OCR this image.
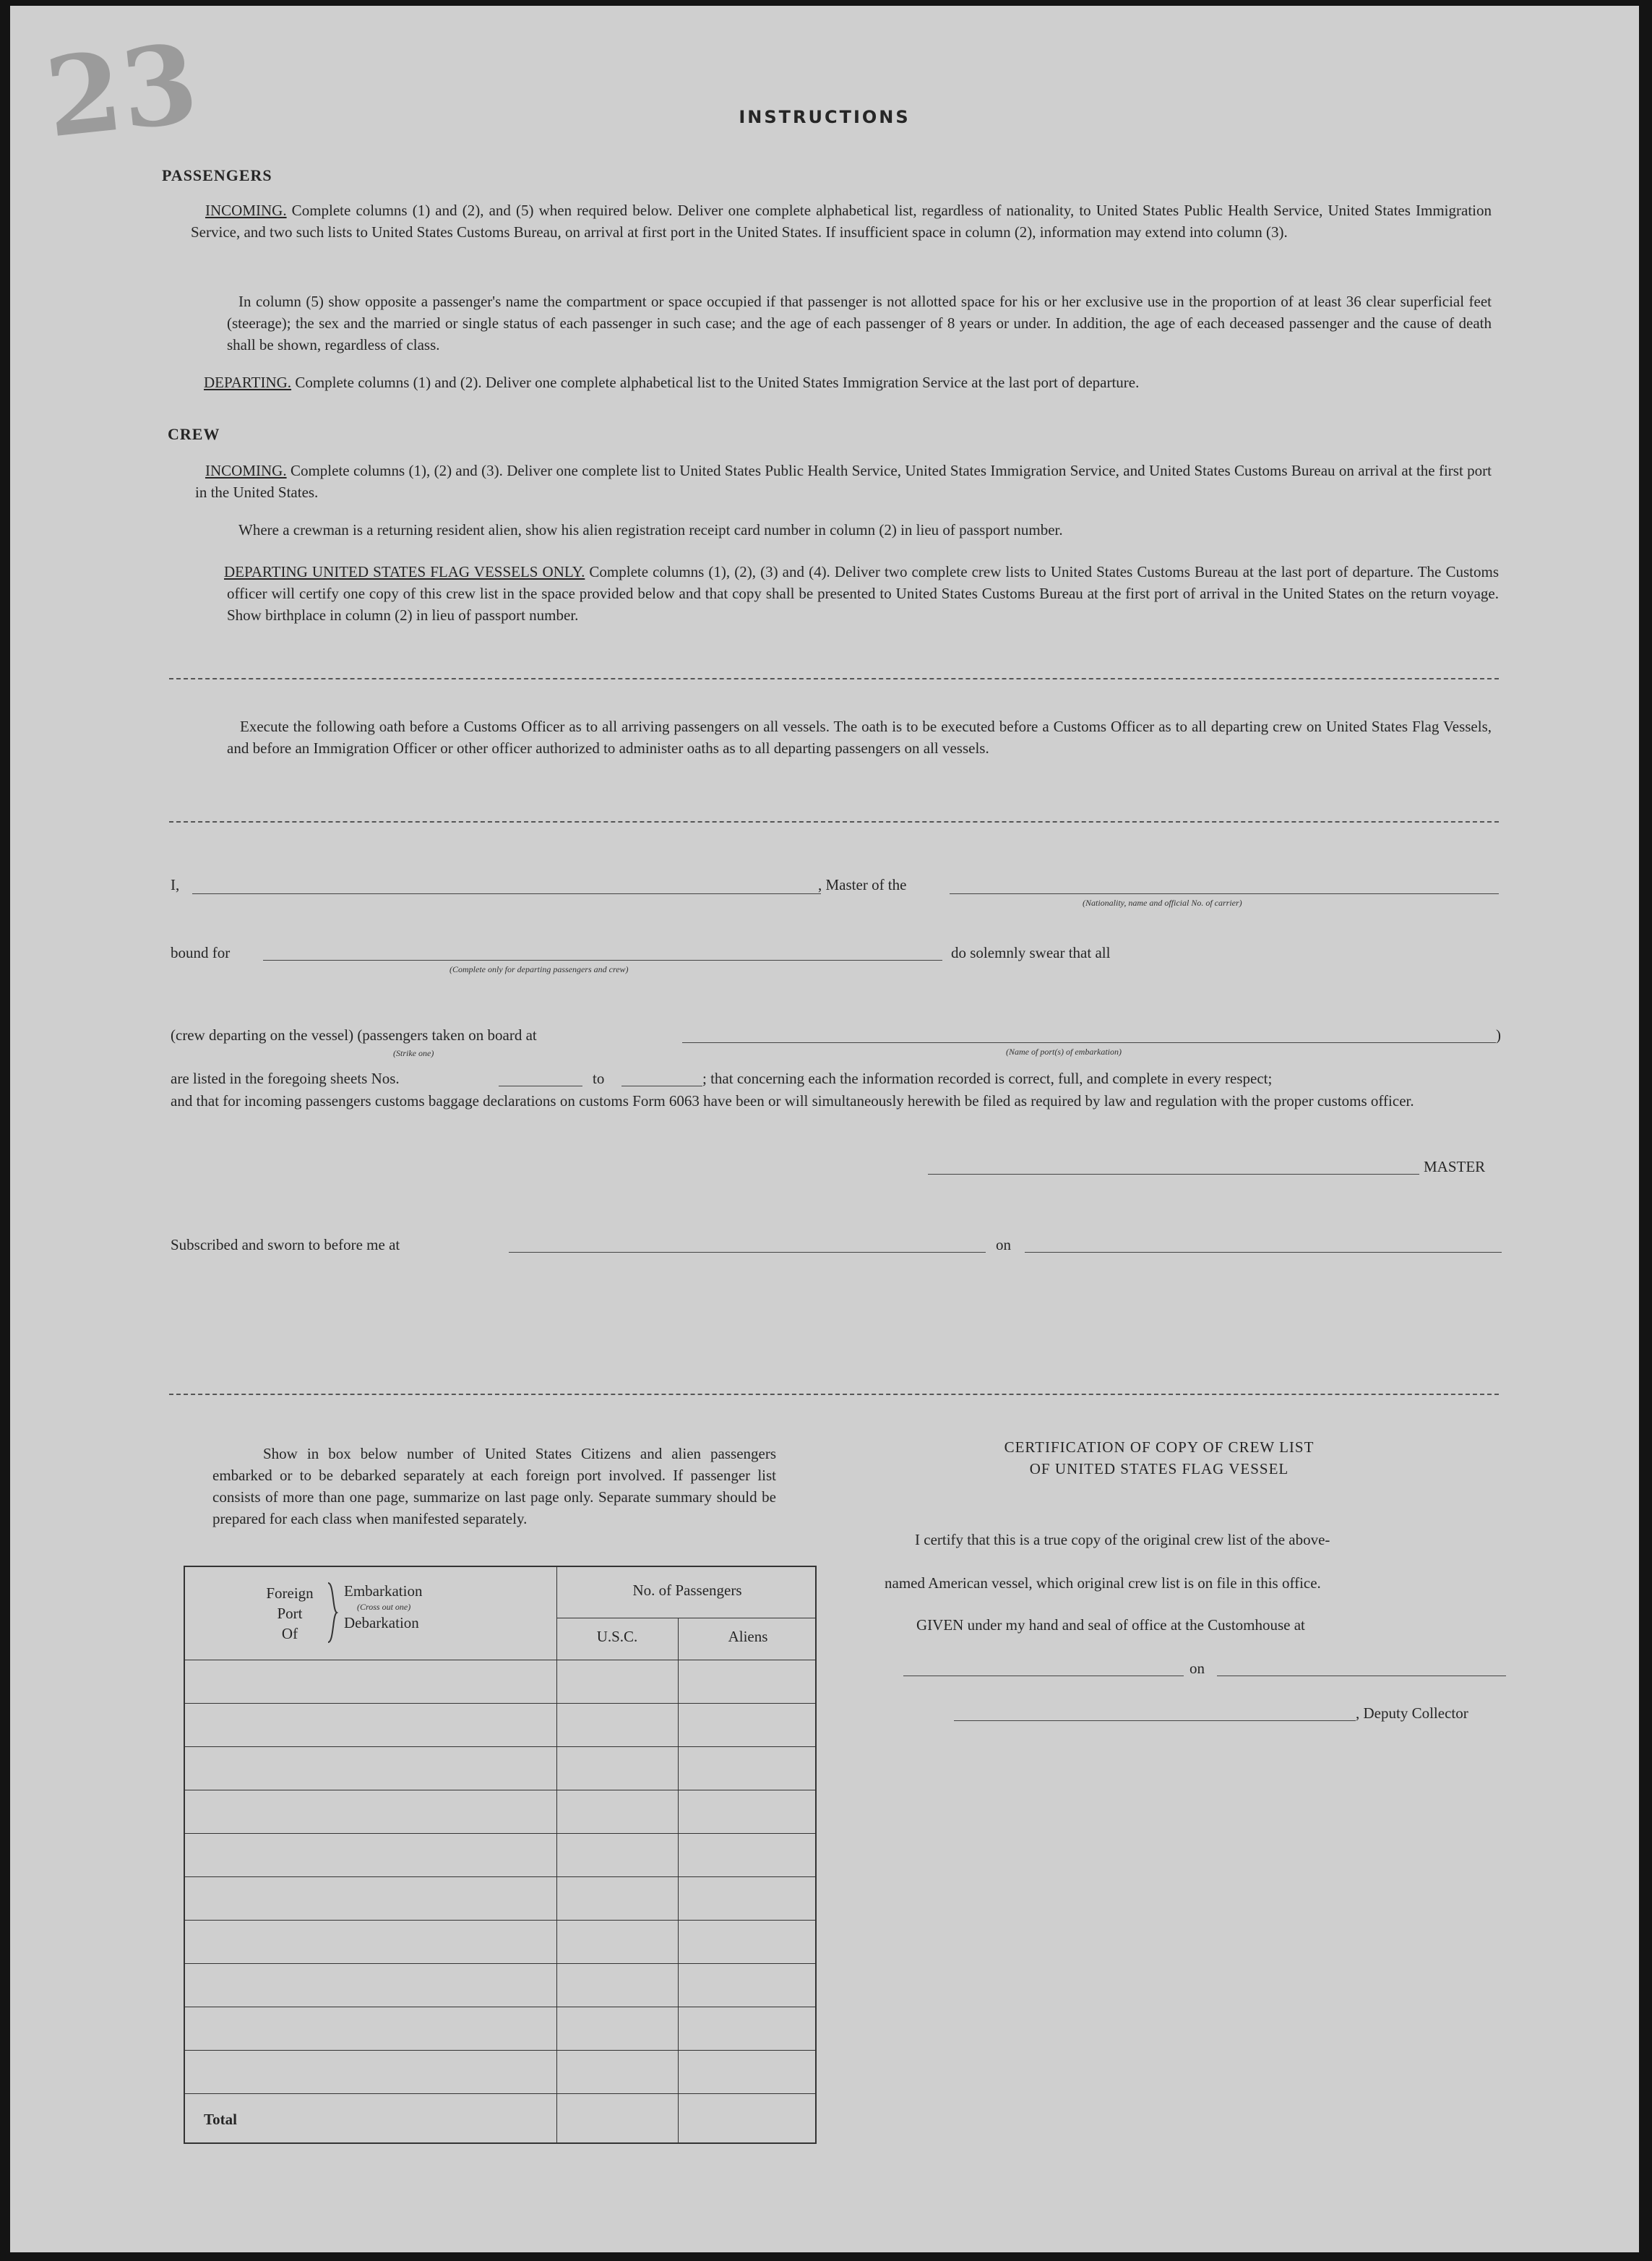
23	INSTRUCTIONS
PASSENGERS
INCOMING. Complete columns (1) and (2), and (5) when required below. Deliver one complete alphabetical list, regardless of nationality, to United States Public Health Service, United States Immigration Service, and two such lists to United States Customs Bureau, on arrival at first port in the United States. If insufficient space in column (2), information may extend into column (3).
In column (5) show opposite a passenger's name the compartment or space occupied if that passenger is not allotted space for his or her exclusive use in the proportion of at least 36 clear superficial feet (steerage); the sex and the married or single status of each passenger in such case; and the age of each passenger of 8 years or under. In addition, the age of each deceased passenger and the cause of death shall be shown, regardless of class.
DEPARTING. Complete columns (1) and (2). Deliver one complete alphabetical list to the United States Immigration Service at the last port of departure.
CREW
INCOMING. Complete columns (1), (2) and (3). Deliver one complete list to United States Public Health Service, United States Immigration Service, and United States Customs Bureau on arrival at the first port in the United States.
Where a crewman is a returning resident alien, show his alien registration receipt card number in column (2) in lieu of passport number.
DEPARTING UNITED STATES FLAG VESSELS ONLY. Complete columns (1), (2), (3) and (4). Deliver two complete crew lists to United States Customs Bureau at the last port of departure. The Customs officer will certify one copy of this crew list in the space provided below and that copy shall be presented to United States Customs Bureau at the first port of arrival in the United States on the return voyage. Show birthplace in column (2) in lieu of passport number.
Execute the following oath before a Customs Officer as to all arriving passengers on all vessels. The oath is to be executed before a Customs Officer as to all departing crew on United States Flag Vessels, and before an Immigration Officer or other officer authorized to administer oaths as to all departing passengers on all vessels.
I,	, Master of the
(Nationality, name and official No. of carrier)
bound for
(Complete only for departing passengers and crew)
do solemnly swear that all
(crew departing on the vessel) (passengers taken on board at
(Strike one)
)
(Name of port(s) of embarkation)
are listed in the foregoing sheets Nos.	to	; that concerning each the information recorded is correct, full, and complete in every respect;
and that for incoming passengers customs baggage declarations on customs Form 6063 have been or will simultaneously herewith be filed as required by law and regulation with the proper customs officer.
MASTER
Subscribed and sworn to before me at	on
Show in box below number of United States Citizens and alien passengers embarked or to be debarked separately at each foreign port involved. If passenger list consists of more than one page, summarize on last page only. Separate summary should be prepared for each class when manifested separately.
Foreign
Port
Of
Embarkation
(Cross out one)
Debarkation
No. of Passengers
U.S.C.	Aliens
Total
CERTIFICATION OF COPY OF CREW LIST
OF UNITED STATES FLAG VESSEL
I certify that this is a true copy of the original crew list of the above-
named American vessel, which original crew list is on file in this office.
GIVEN under my hand and seal of office at the Customhouse at
on
, Deputy Collector
